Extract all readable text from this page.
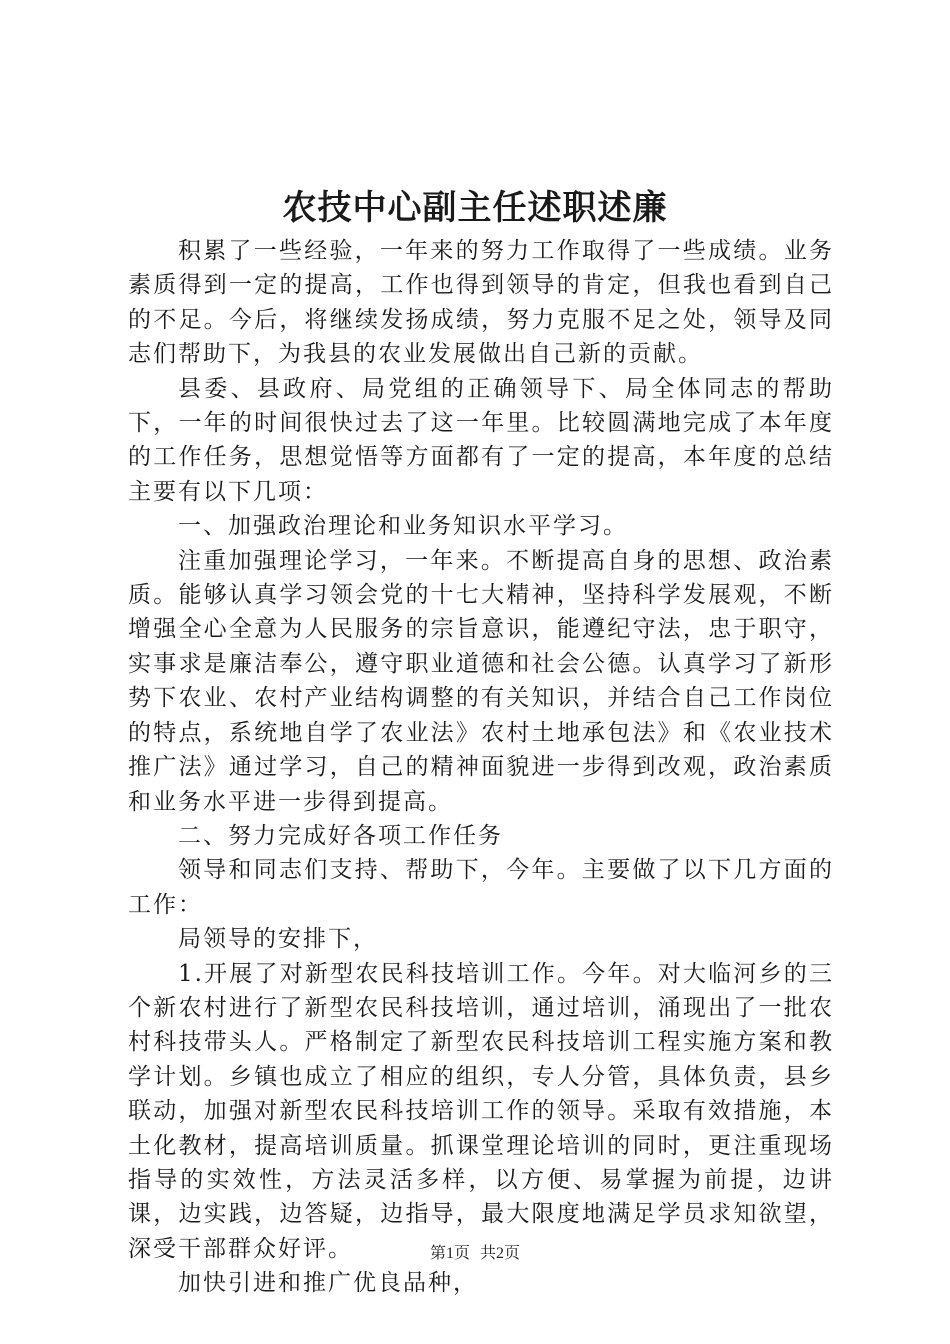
农技中心副主任述职述廉

积累了一些经验，一年来的努力工作取得了一些成绩。业务素质得到一定的提高，工作也得到领导的肯定，但我也看到自己的不足。今后，将继续发扬成绩，努力克服不足之处，领导及同志们帮助下，为我县的农业发展做出自己新的贡献。

县委、县政府、局党组的正确领导下、局全体同志的帮助下，一年的时间很快过去了这一年里。比较圆满地完成了本年度的工作任务，思想觉悟等方面都有了一定的提高，本年度的总结主要有以下几项：

一、加强政治理论和业务知识水平学习。

注重加强理论学习，一年来。不断提高自身的思想、政治素质。能够认真学习领会党的十七大精神，坚持科学发展观，不断增强全心全意为人民服务的宗旨意识，能遵纪守法，忠于职守，实事求是廉洁奉公，遵守职业道德和社会公德。认真学习了新形势下农业、农村产业结构调整的有关知识，并结合自己工作岗位的特点，系统地自学了农业法》农村土地承包法》和《农业技术推广法》通过学习，自己的精神面貌进一步得到改观，政治素质和业务水平进一步得到提高。

二、努力完成好各项工作任务

领导和同志们支持、帮助下，今年。主要做了以下几方面的工作：

局领导的安排下，

1.开展了对新型农民科技培训工作。今年。对大临河乡的三个新农村进行了新型农民科技培训，通过培训，涌现出了一批农村科技带头人。严格制定了新型农民科技培训工程实施方案和教学计划。乡镇也成立了相应的组织，专人分管，具体负责，县乡联动，加强对新型农民科技培训工作的领导。采取有效措施，本土化教材，提高培训质量。抓课堂理论培训的同时，更注重现场指导的实效性，方法灵活多样，以方便、易掌握为前提，边讲课，边实践，边答疑，边指导，最大限度地满足学员求知欲望，深受干部群众好评。

加快引进和推广优良品种，

第1页 共2页
